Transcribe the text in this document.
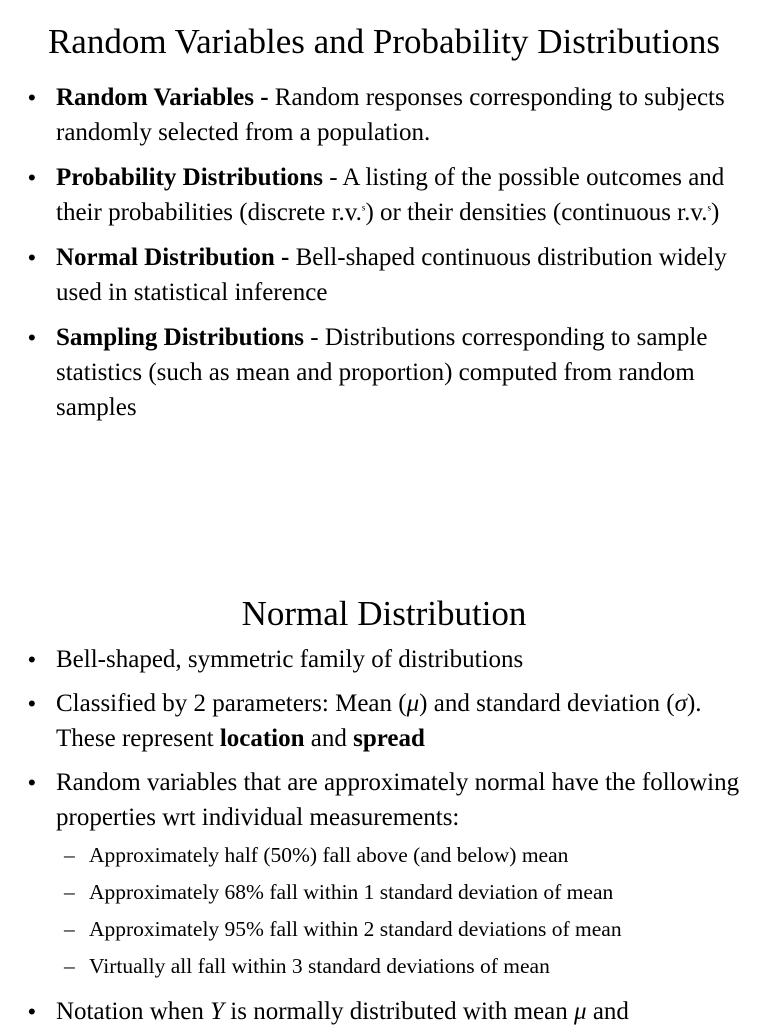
Random Variables and Probability Distributions
• Random Variables - Random responses corresponding to subjects randomly selected from a population.
• Probability Distributions - A listing of the possible outcomes and their probabilities (discrete r.v.$^s$) or their densities (continuous r.v.$^s$)
• Normal Distribution - Bell-shaped continuous distribution widely used in statistical inference
• Sampling Distributions - Distributions corresponding to sample statistics (such as mean and proportion) computed from random samples
Normal Distribution
• Bell-shaped, symmetric family of distributions
• Classified by 2 parameters: Mean (μ) and standard deviation (σ). These represent location and spread
• Random variables that are approximately normal have the following properties wrt individual measurements:
– Approximately half (50%) fall above (and below) mean
– Approximately 68% fall within 1 standard deviation of mean
– Approximately 95% fall within 2 standard deviations of mean
– Virtually all fall within 3 standard deviations of mean
• Notation when Y is normally distributed with mean μ and
